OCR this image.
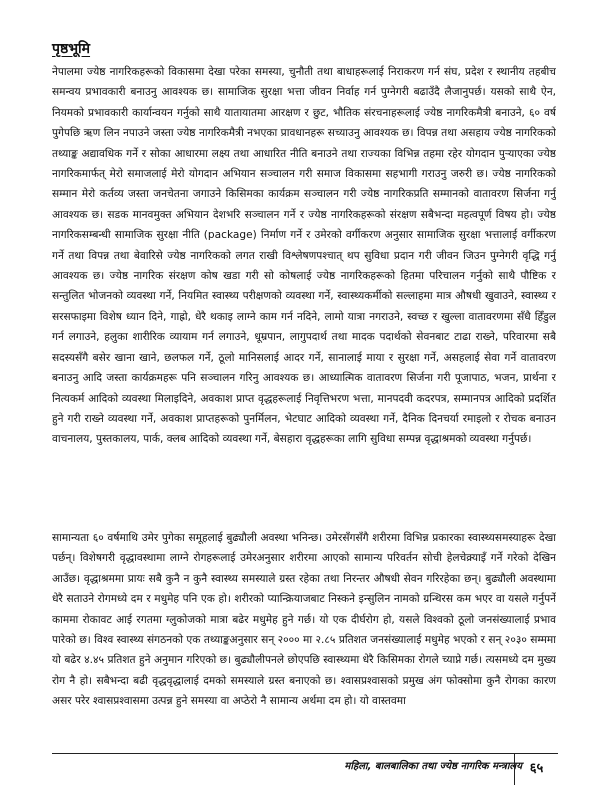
पृष्ठभूमि

नेपालमा ज्येष्ठ नागरिकहरूको विकासमा देखा परेका समस्या, चुनौती तथा बाधाहरूलाई निराकरण गर्न संघ, प्रदेश र स्थानीय तहबीच समन्वय प्रभावकारी बनाउनु आवश्यक छ। सामाजिक सुरक्षा भत्ता जीवन निर्वाह गर्न पुग्नेगरी बढाउँदै लैजानुपर्छ। यसको साथै ऐन, नियमको प्रभावकारी कार्यान्वयन गर्नुको साथै यातायातमा आरक्षण र छुट, भौतिक संरचनाहरूलाई ज्येष्ठ नागरिकमैत्री बनाउने, ६० वर्ष पुगेपछि ऋण लिन नपाउने जस्ता ज्येष्ठ नागरिकमैत्री नभएका प्रावधानहरू सच्याउनु आवश्यक छ। विपन्न तथा असहाय ज्येष्ठ नागरिकको तथ्याङ्क अद्यावधिक गर्ने र सोका आधारमा लक्ष्य तथा आधारित नीति बनाउने तथा राज्यका विभिन्न तहमा रहेर योगदान पुऱ्याएका ज्येष्ठ नागरिकमार्फत् मेरो समाजलाई मेरो योगदान अभियान सञ्चालन गरी समाज विकासमा सहभागी गराउनु जरुरी छ। ज्येष्ठ नागरिकको सम्मान मेरो कर्तव्य जस्ता जनचेतना जगाउने किसिमका कार्यक्रम सञ्चालन गरी ज्येष्ठ नागरिकप्रति सम्मानको वातावरण सिर्जना गर्नु आवश्यक छ। सडक मानवमुक्त अभियान देशभरि सञ्चालन गर्ने र ज्येष्ठ नागरिकहरूको संरक्षण सबैभन्दा महत्वपूर्ण विषय हो। ज्येष्ठ नागरिकसम्बन्धी सामाजिक सुरक्षा नीति (package) निर्माण गर्ने र उमेरको वर्गीकरण अनुसार सामाजिक सुरक्षा भत्तालाई वर्गीकरण गर्ने तथा विपन्न तथा बेवारिसे ज्येष्ठ नागरिकको लगत राखी विश्लेषणपश्चात् थप सुविधा प्रदान गरी जीवन जिउन पुग्नेगरी वृद्धि गर्नु आवश्यक छ। ज्येष्ठ नागरिक संरक्षण कोष खडा गरी सो कोषलाई ज्येष्ठ नागरिकहरूको हितमा परिचालन गर्नुको साथै पौष्टिक र सन्तुलित भोजनको व्यवस्था गर्ने, नियमित स्वास्थ्य परीक्षणको व्यवस्था गर्ने, स्वास्थ्यकर्मीको सल्लाहमा मात्र औषधी खुवाउने, स्वास्थ्य र सरसफाइमा विशेष ध्यान दिने, गाह्रो, धेरै थकाइ लाग्ने काम गर्न नदिने, लामो यात्रा नगराउने, स्वच्छ र खुल्ला वातावरणमा सँधै हिँडुल गर्न लगाउने, हलुका शारीरिक व्यायाम गर्न लगाउने, धूम्रपान, लागुपदार्थ तथा मादक पदार्थको सेवनबाट टाढा राख्ने, परिवारमा सबै सदस्यसँगै बसेर खाना खाने, छलफल गर्ने, ठूलो मानिसलाई आदर गर्ने, सानालाई माया र सुरक्षा गर्ने, असहलाई सेवा गर्ने वातावरण बनाउनु आदि जस्ता कार्यक्रमहरू पनि सञ्चालन गरिनु आवश्यक छ। आध्यात्मिक वातावरण सिर्जना गरी पूजापाठ, भजन, प्रार्थना र नित्यकर्म आदिको व्यवस्था मिलाइदिने, अवकाश प्राप्त वृद्धहरूलाई निवृत्तिभरण भत्ता, मानपदवी कदरपत्र, सम्मानपत्र आदिको प्रदर्शित हुने गरी राख्ने व्यवस्था गर्ने, अवकाश प्राप्तहरूको पुनर्मिलन, भेटघाट आदिको व्यवस्था गर्ने, दैनिक दिनचर्या रमाइलो र रोचक बनाउन वाचनालय, पुस्तकालय, पार्क, क्लब आदिको व्यवस्था गर्ने, बेसहारा वृद्धहरूका लागि सुविधा सम्पन्न वृद्धाश्रमको व्यवस्था गर्नुपर्छ।

सामान्यता ६० वर्षमाथि उमेर पुगेका समूहलाई बुढ्यौली अवस्था भनिन्छ। उमेरसँगसँगै शरीरमा विभिन्न प्रकारका स्वास्थ्यसमस्याहरू देखा पर्छन्। विशेषगरी वृद्धावस्थामा लाग्ने रोगहरूलाई उमेरअनुसार शरीरमा आएको सामान्य परिवर्तन सोची हेलचेक्र्याइँ गर्ने गरेको देखिन आउँछ। वृद्धाश्रममा प्रायः सबै कुनै न कुनै स्वास्थ्य समस्याले ग्रस्त रहेका तथा निरन्तर औषधी सेवन गरिरहेका छन्। बुढ्यौली अवस्थामा धेरै सताउने रोगमध्ये दम र मधुमेह पनि एक हो। शरीरको प्यान्क्रियाजबाट निस्कने इन्सुलिन नामको ग्रन्थिरस कम भएर वा यसले गर्नुपर्ने काममा रोकावट आई रगतमा ग्लुकोजको मात्रा बढेर मधुमेह हुने गर्छ। यो एक दीर्घरोग हो, यसले विश्वको ठूलो जनसंख्यालाई प्रभाव पारेको छ। विश्व स्वास्थ्य संगठनको एक तथ्याङ्कअनुसार सन् २००० मा २.८५ प्रतिशत जनसंख्यालाई मधुमेह भएको र सन् २०३० सम्ममा यो बढेर ४.४५ प्रतिशत हुने अनुमान गरिएको छ। बुढ्यौलीपनले छोएपछि स्वास्थ्यमा धेरै किसिमका रोगले च्याप्ने गर्छ। त्यसमध्ये दम मुख्य रोग नै हो। सबैभन्दा बढी वृद्धवृद्धालाई दमको समस्याले ग्रस्त बनाएको छ। श्वासप्रश्वासको प्रमुख अंग फोक्सोमा कुनै रोगका कारण असर परेर श्वासप्रश्वासमा उत्पन्न हुने समस्या वा अप्ठेरो नै सामान्य अर्थमा दम हो। यो वास्तवमा

महिला, बालबालिका तथा ज्येष्ठ नागरिक मन्त्रालय ६५
